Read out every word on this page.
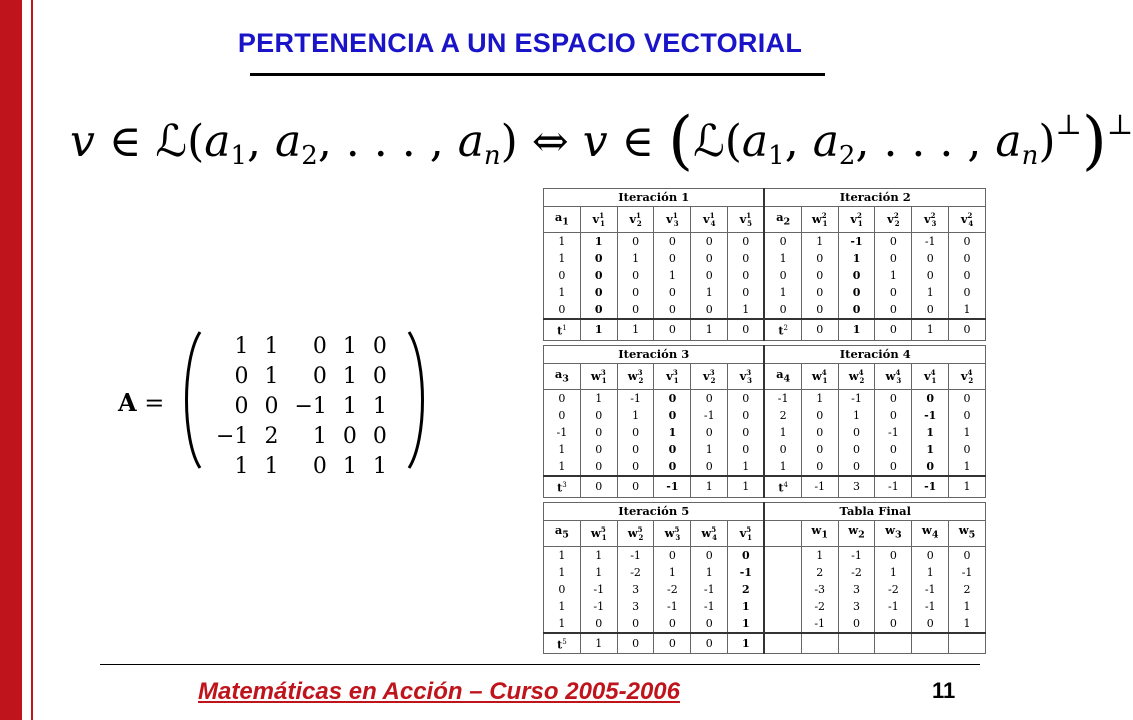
PERTENENCIA A UN ESPACIO VECTORIAL
v ∈ $ℒ(a_1$, $a_2$, . . . , $a_n$) ⇔ v ∈ ($ℒ(a_1$, $a_2$, . . . , $a_n)^\perp)^\perp$
A =
1	1	0	1	0
0	1	0	1	0
0	0	−1	1	1
−1	2	1	0	0
1	1	0	1	1
Iteración 1						Iteración 2					
$a_1$	$v^1_1$	$v^1_2$	$v^1_3$	$v^1_4$	$v^1_5$	$a_2$	$w^2_1$	$v^2_1$	$v^2_2$	$v^2_3$	$v^2_4$
1	1	0	0	0	0	0	1	-1	0	-1	0
1	0	1	0	0	0	1	0	1	0	0	0
0	0	0	1	0	0	0	0	0	1	0	0
1	0	0	0	1	0	1	0	0	0	1	0
0	0	0	0	0	1	0	0	0	0	0	1
$t^1$	1	1	0	1	0	$t^2$	0	1	0	1	0
Iteración 3						Iteración 4					
$a_3$	$w^3_1$	$w^3_2$	$v^3_1$	$v^3_2$	$v^3_3$	$a_4$	$w^4_1$	$w^4_2$	$w^4_3$	$v^4_1$	$v^4_2$
0	1	-1	0	0	0	-1	1	-1	0	0	0
0	0	1	0	-1	0	2	0	1	0	-1	0
-1	0	0	1	0	0	1	0	0	-1	1	1
1	0	0	0	1	0	0	0	0	0	1	0
1	0	0	0	0	1	1	0	0	0	0	1
$t^3$	0	0	-1	1	1	$t^4$	-1	3	-1	-1	1
Iteración 5						Tabla Final					
$a_5$	$w^5_1$	$w^5_2$	$w^5_3$	$w^5_4$	$v^5_1$		$w_1$	$w_2$	$w_3$	$w_4$	$w_5$
1	1	-1	0	0	0		1	-1	0	0	0
1	1	-2	1	1	-1		2	-2	1	1	-1
0	-1	3	-2	-1	2		-3	3	-2	-1	2
1	-1	3	-1	-1	1		-2	3	-1	-1	1
1	0	0	0	0	1		-1	0	0	0	1
$t^5$	1	0	0	0	1						
Matemáticas en Acción – Curso 2005-2006	11
